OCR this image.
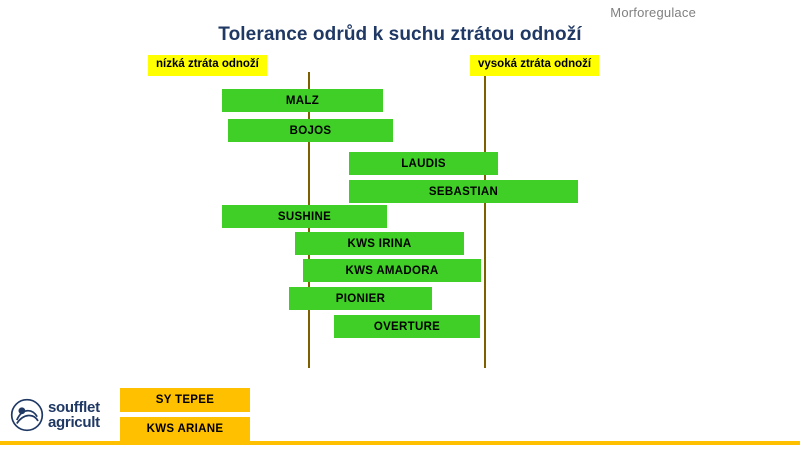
Morforegulace
Tolerance odrůd k suchu ztrátou odnoží
nízká ztráta odnoží	vysoká ztráta odnoží
MALZ
BOJOS
LAUDIS
SEBASTIAN
SUSHINE
KWS IRINA
KWS AMADORA
PIONIER
OVERTURE
SY TEPEE
KWS ARIANE
soufflet
agricult
